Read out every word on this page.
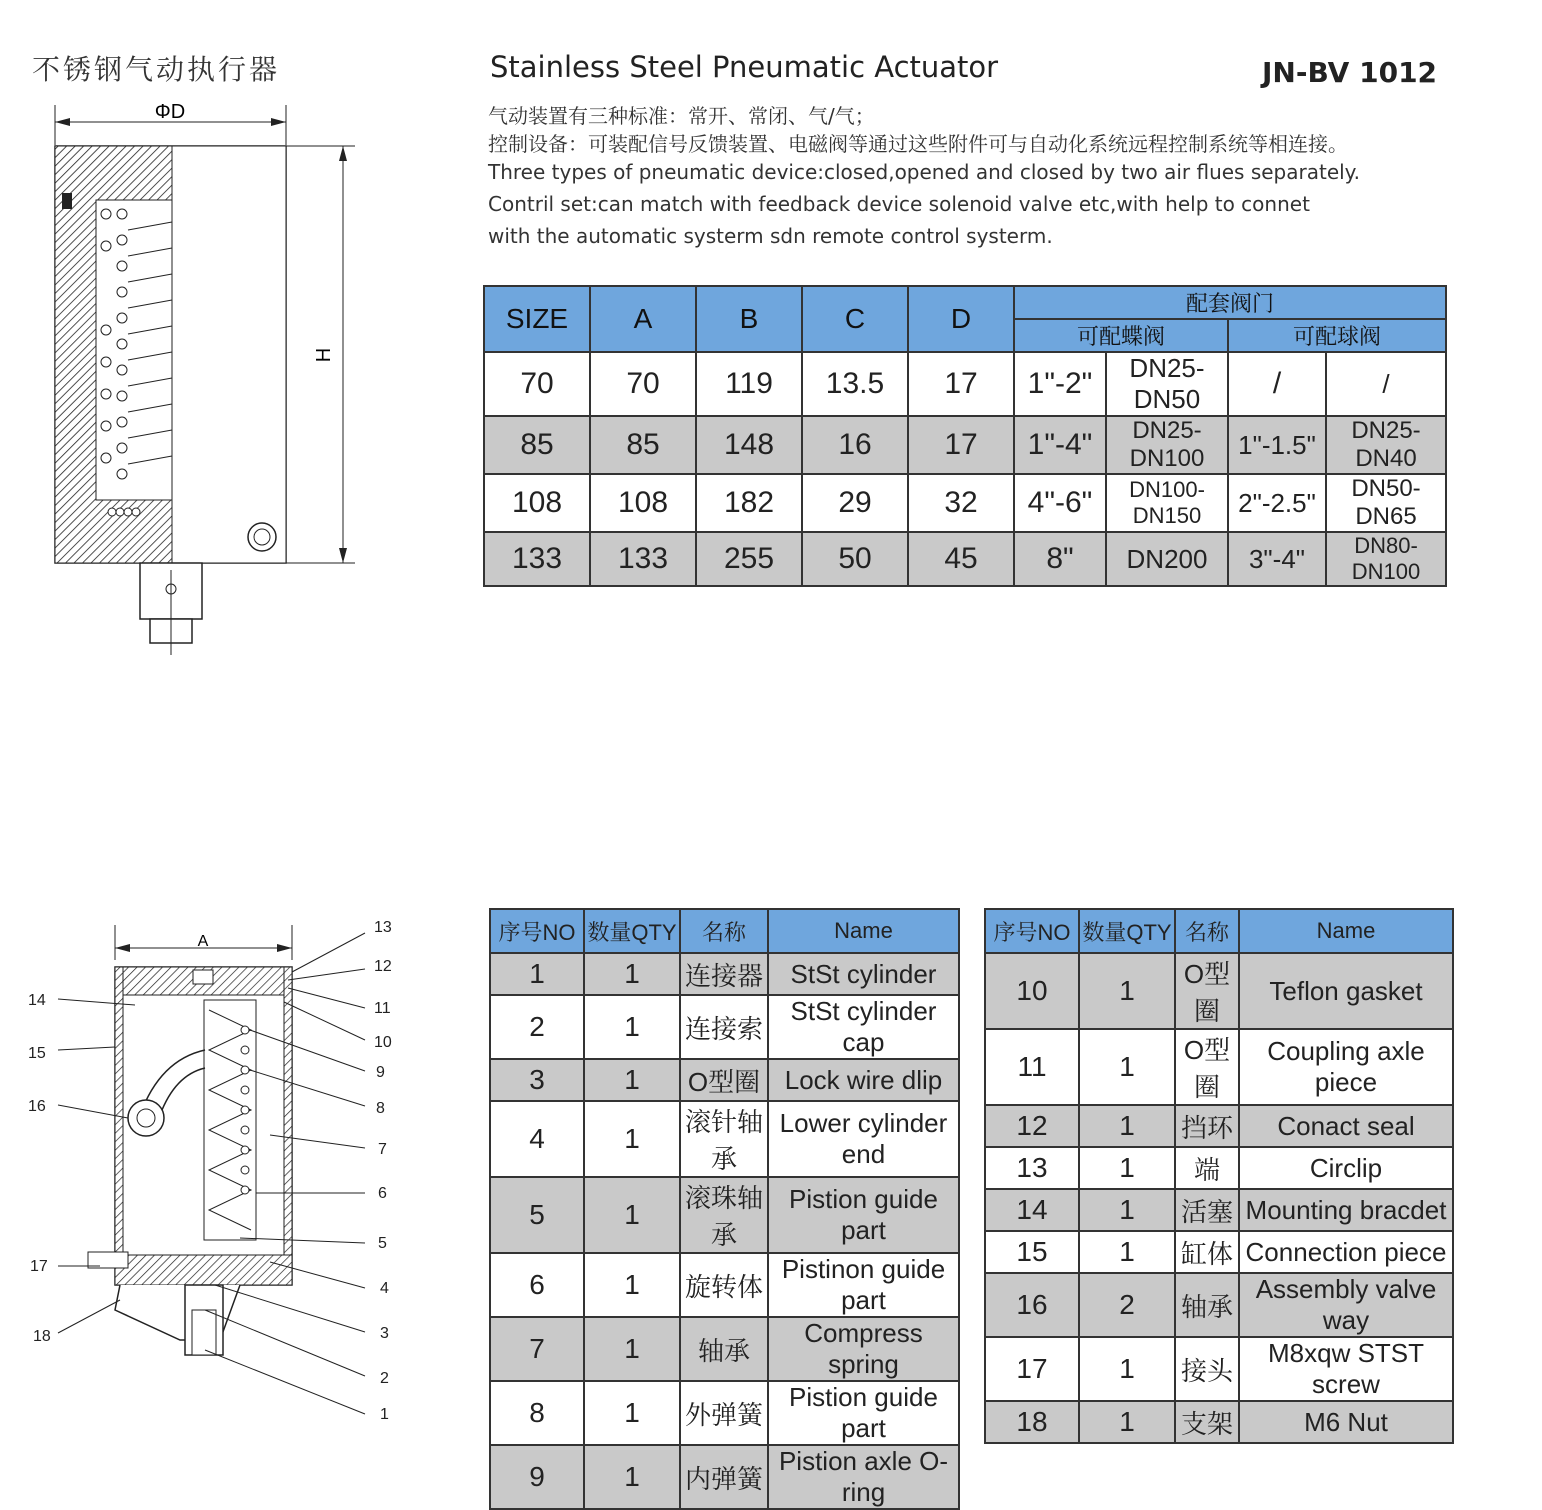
不锈钢气动执行器	Stainless Steel Pneumatic Actuator	JN-BV 1012
气动装置有三种标准：常开、常闭、气/气；
控制设备：可装配信号反馈装置、电磁阀等通过这些附件可与自动化系统远程控制系统等相连接。
Three types of pneumatic device:closed,opened and closed by two air flues separately.
Contril set:can match with feedback device solenoid valve etc,with help to connet
with the automatic systerm sdn remote control systerm.
ΦD
H
A
13
12
11
10
9
8
7
6
5
4
3
2
1
14
15
16
17
18
SIZE	A	B	C	D	配套阀门			
					可配蝶阀		可配球阀	
70	70	119	13.5	17	1"-2"	DN25-DN50	/	/
85	85	148	16	17	1"-4"	DN25-DN100	1"-1.5"	DN25-DN40
108	108	182	29	32	4"-6"	DN100-DN150	2"-2.5"	DN50-DN65
133	133	255	50	45	8"	DN200	3"-4"	DN80-DN100
序号NO	数量QTY	名称	Name
1	1	连接器	StSt cylinder
2	1	连接索	StSt cylinder cap
3	1	O型圈	Lock wire dlip
4	1	滚针轴承	Lower cylinder end
5	1	滚珠轴承	Pistion guide part
6	1	旋转体	Pistinon guide part
7	1	轴承	Compress spring
8	1	外弹簧	Pistion guide part
9	1	内弹簧	Pistion axle O-ring
序号NO	数量QTY	名称	Name
10	1	O型圈	Teflon gasket
11	1	O型圈	Coupling axle piece
12	1	挡环	Conact seal
13	1	端	Circlip
14	1	活塞	Mounting bracdet
15	1	缸体	Connection piece
16	2	轴承	Assembly valve way
17	1	接头	M8xqw STST screw
18	1	支架	M6 Nut
